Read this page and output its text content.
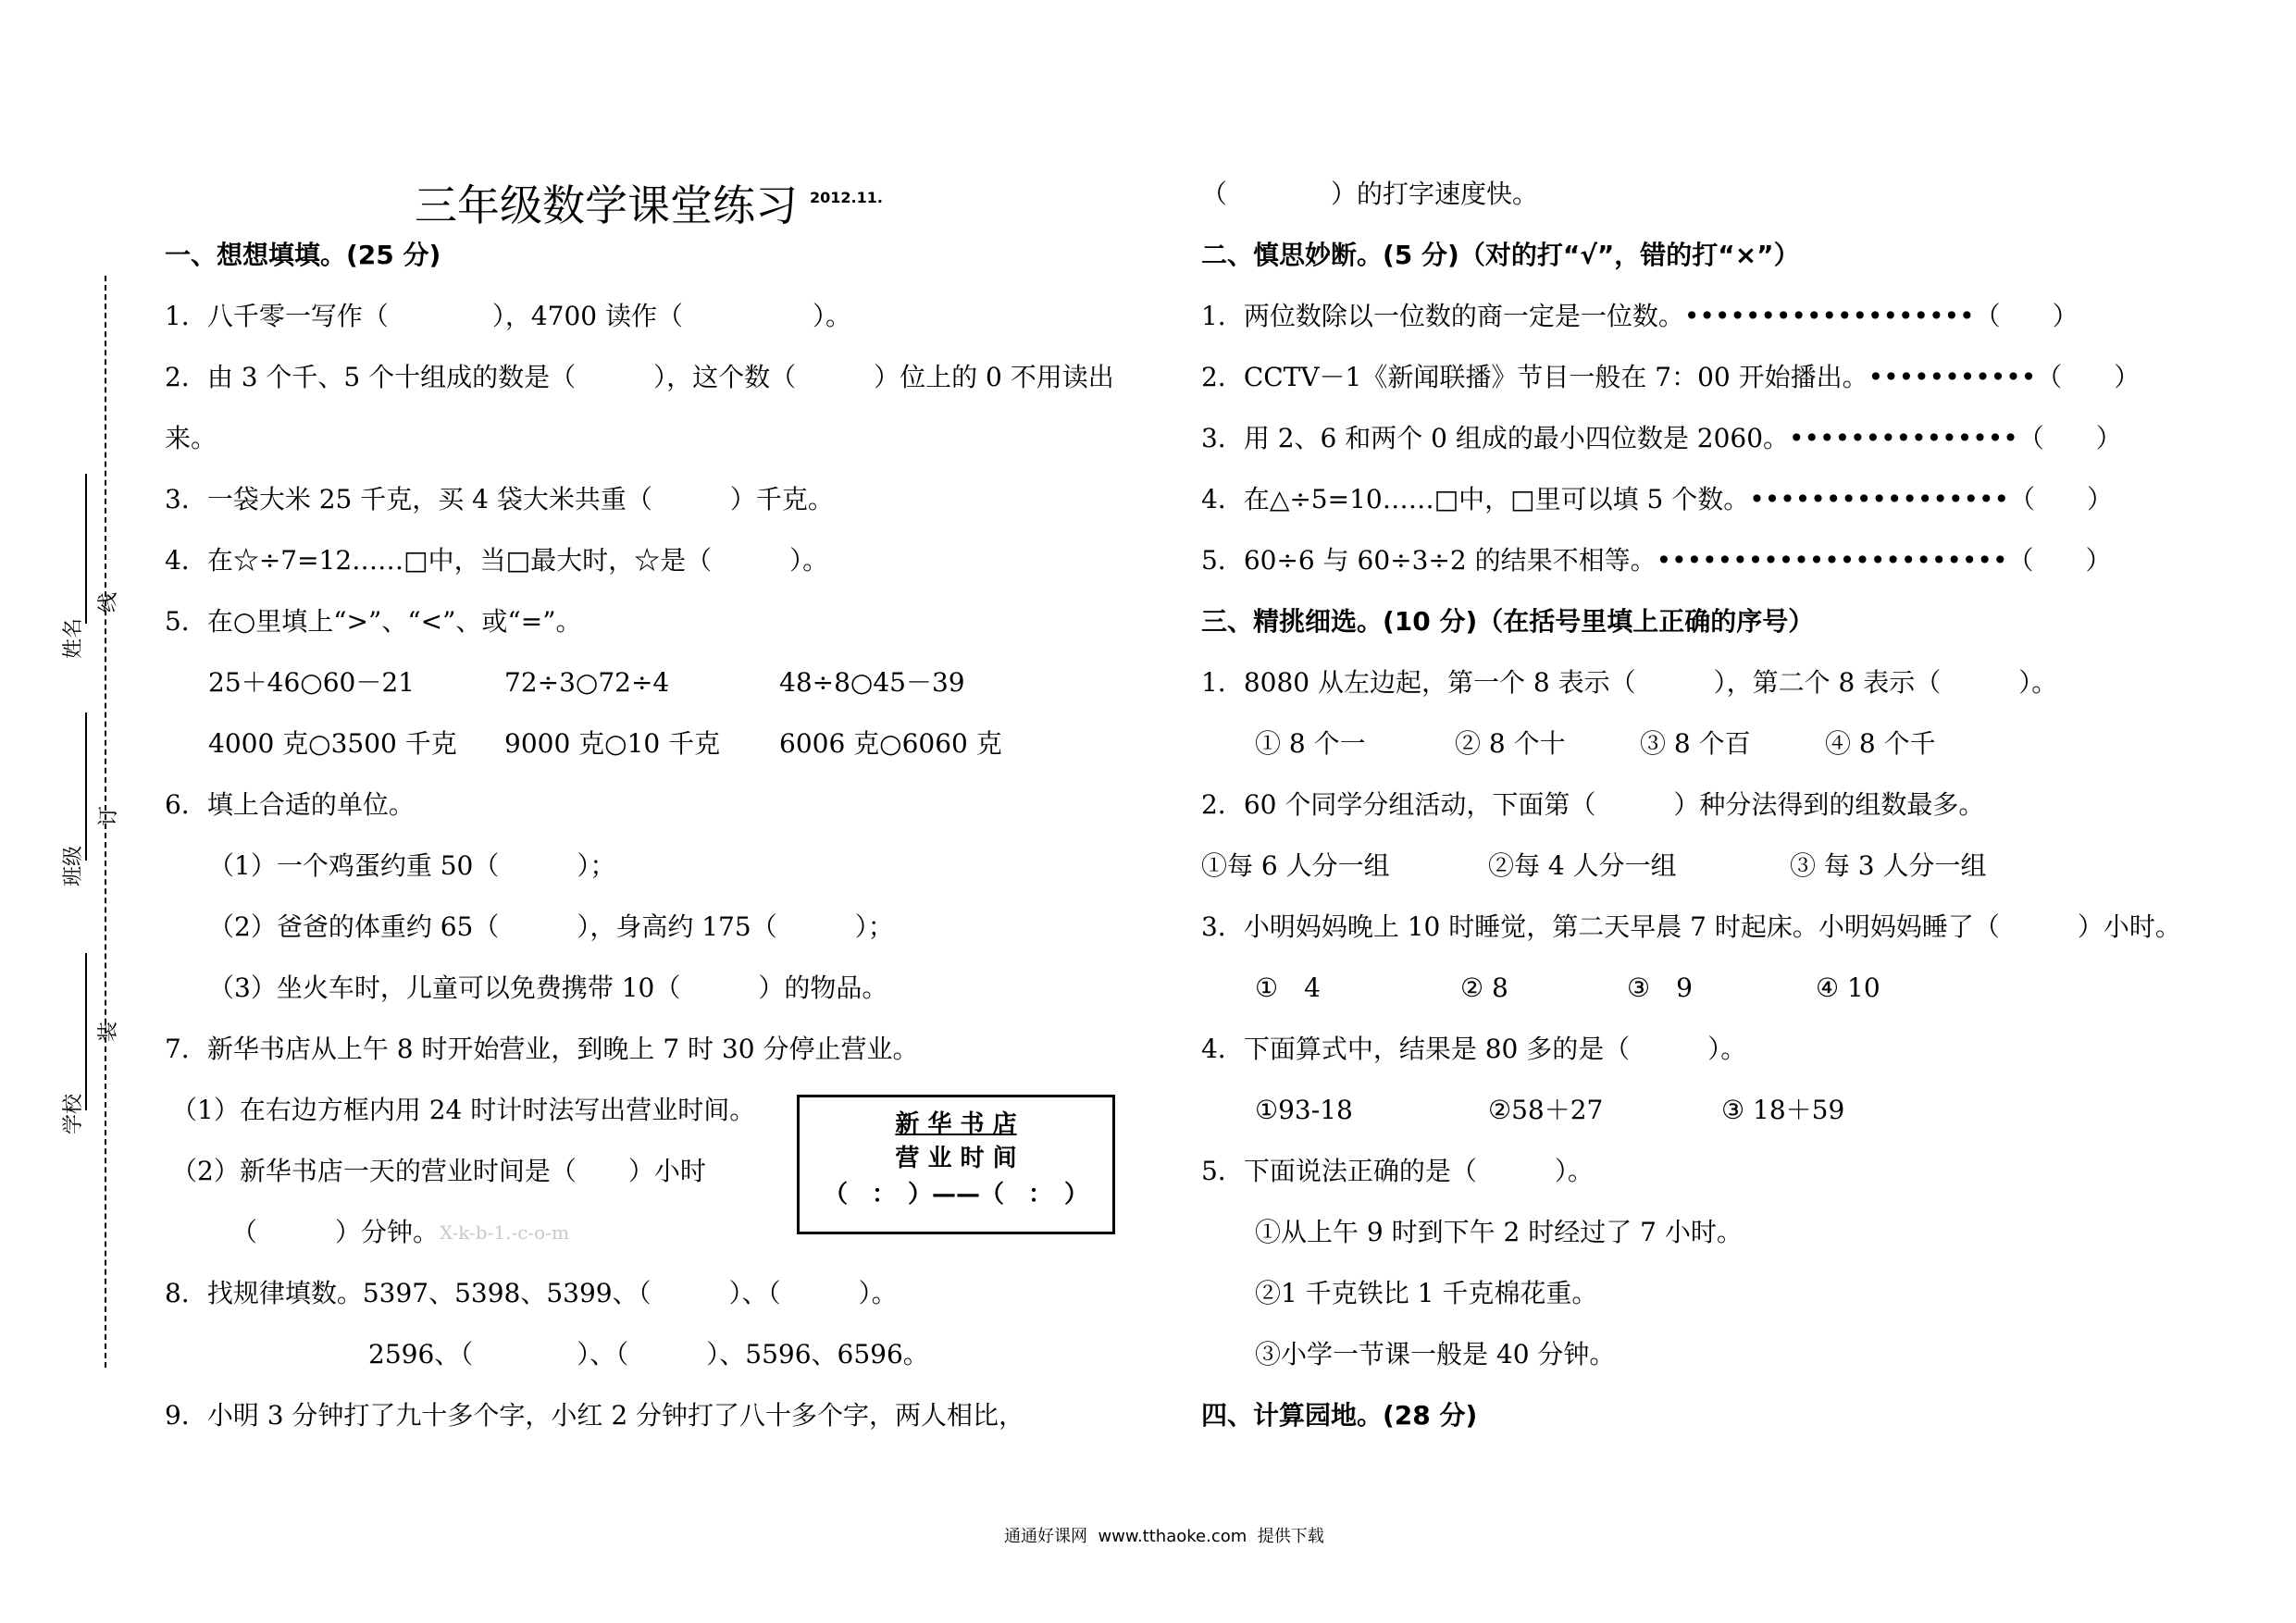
三年级数学课堂练习 2012.11.
姓名
班级
学校
线
订
装
一、想想填填。(25 分)
1．八千零一写作（　　　　），4700 读作（　　　　　）。
2．由 3 个千、5 个十组成的数是（　　　），这个数（　　　）位上的 0 不用读出
来。
3．一袋大米 25 千克，买 4 袋大米共重（　　　）千克。
4．在☆÷7=12……□中，当□最大时，☆是（　　　）。
5．在○里填上“>”、“<”、或“=”。
25＋46○60－21	72÷3○72÷4	48÷8○45－39
4000 克○3500 千克 9000 克○10 千克 6006 克○6060 克
6．填上合适的单位。
（1）一个鸡蛋约重 50（　　　）；
（2）爸爸的体重约 65（　　　），身高约 175（　　　）；
（3）坐火车时，儿童可以免费携带 10（　　　）的物品。
7．新华书店从上午 8 时开始营业，到晚上 7 时 30 分停止营业。
（1）在右边方框内用 24 时计时法写出营业时间。
（2）新华书店一天的营业时间是（　　）小时
（　　　）分钟。 X-k-b-1.-c-o-m
新 华 书 店
营 业 时 间
（　：　）——（　：　）
8．找规律填数。5397、5398、5399、（　　　）、（　　　）。
2596、（　　　　）、（　　　）、5596、6596。
9．小明 3 分钟打了九十多个字，小红 2 分钟打了八十多个字，两人相比，
（　　　　）的打字速度快。
二、慎思妙断。(5 分)（对的打“√”，错的打“×”）
1．两位数除以一位数的商一定是一位数。•••••••••••••••••••（　　）
2．CCTV－1《新闻联播》节目一般在 7：00 开始播出。•••••••••••（　　）
3．用 2、6 和两个 0 组成的最小四位数是 2060。•••••••••••••••（　　）
4．在△÷5=10……□中，□里可以填 5 个数。•••••••••••••••••（　　）
5．60÷6 与 60÷3÷2 的结果不相等。•••••••••••••••••••••••（　　）
三、精挑细选。(10 分)（在括号里填上正确的序号）
1．8080 从左边起，第一个 8 表示（　　　），第二个 8 表示（　　　）。
① 8 个一	② 8 个十	③ 8 个百	④ 8 个千
2．60 个同学分组活动，下面第（　　　）种分法得到的组数最多。
①每 6 人分一组	②每 4 人分一组	③ 每 3 人分一组
3．小明妈妈晚上 10 时睡觉，第二天早晨 7 时起床。小明妈妈睡了（　　　）小时。
①　4	② 8	③　9	④ 10
4．下面算式中，结果是 80 多的是（　　　）。
①93-18	②58＋27	③ 18＋59
5．下面说法正确的是（　　　）。
①从上午 9 时到下午 2 时经过了 7 小时。
②1 千克铁比 1 千克棉花重。
③小学一节课一般是 40 分钟。
四、计算园地。(28 分)
通通好课网  www.tthaoke.com  提供下载
